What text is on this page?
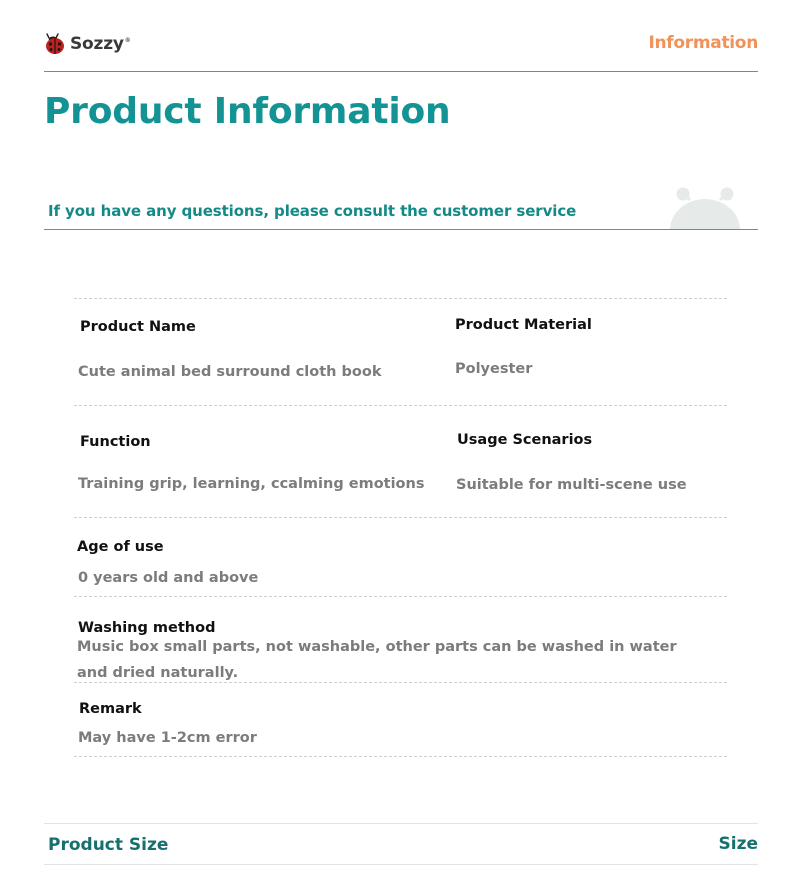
Sozzy®	Information
Product Information
If you have any questions, please consult the customer service
Product Name
Cute animal bed surround cloth book
Product Material
Polyester
Function
Training grip, learning, ccalming emotions
Usage Scenarios
Suitable for multi-scene use
Age of use
0 years old and above
Washing method
Music box small parts, not washable, other parts can be washed in water and dried naturally.
Remark
May have 1-2cm error
Product Size	Size
